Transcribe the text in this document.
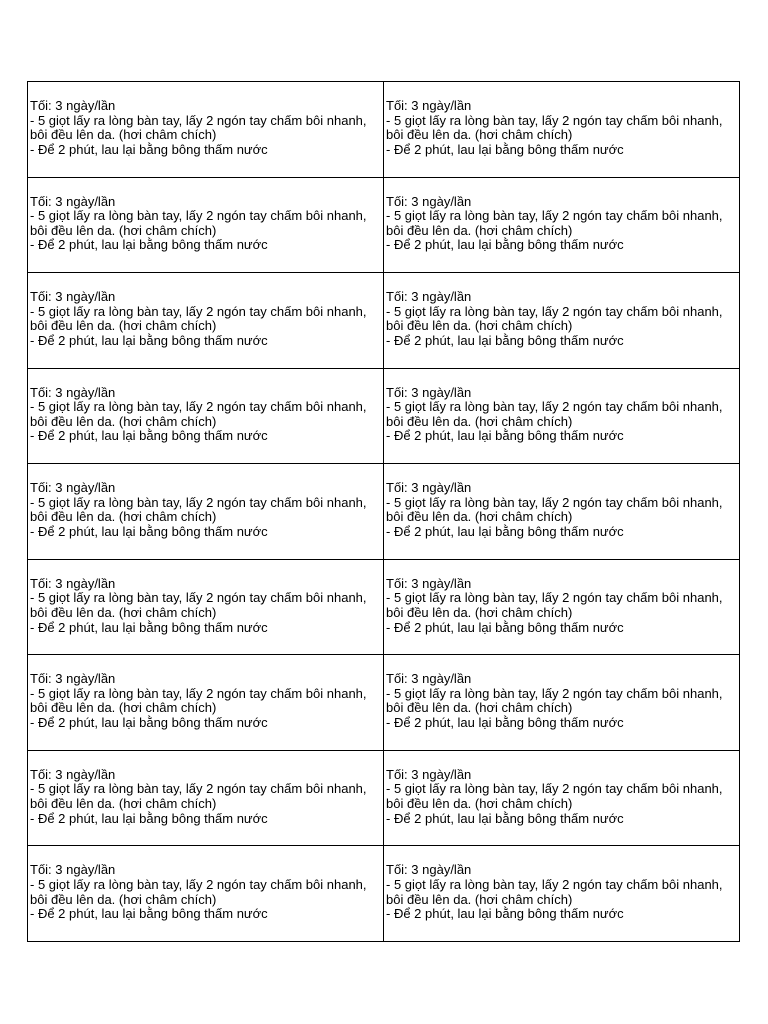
Tối: 3 ngày/lần
- 5 giọt lấy ra lòng bàn tay, lấy 2 ngón tay chấm bôi nhanh, bôi đều lên da. (hơi châm chích)
- Để 2 phút, lau lại bằng bông thấm nước	Tối: 3 ngày/lần
- 5 giọt lấy ra lòng bàn tay, lấy 2 ngón tay chấm bôi nhanh, bôi đều lên da. (hơi châm chích)
- Để 2 phút, lau lại bằng bông thấm nước

Tối: 3 ngày/lần
- 5 giọt lấy ra lòng bàn tay, lấy 2 ngón tay chấm bôi nhanh, bôi đều lên da. (hơi châm chích)
- Để 2 phút, lau lại bằng bông thấm nước	Tối: 3 ngày/lần
- 5 giọt lấy ra lòng bàn tay, lấy 2 ngón tay chấm bôi nhanh, bôi đều lên da. (hơi châm chích)
- Để 2 phút, lau lại bằng bông thấm nước

Tối: 3 ngày/lần
- 5 giọt lấy ra lòng bàn tay, lấy 2 ngón tay chấm bôi nhanh, bôi đều lên da. (hơi châm chích)
- Để 2 phút, lau lại bằng bông thấm nước	Tối: 3 ngày/lần
- 5 giọt lấy ra lòng bàn tay, lấy 2 ngón tay chấm bôi nhanh, bôi đều lên da. (hơi châm chích)
- Để 2 phút, lau lại bằng bông thấm nước

Tối: 3 ngày/lần
- 5 giọt lấy ra lòng bàn tay, lấy 2 ngón tay chấm bôi nhanh, bôi đều lên da. (hơi châm chích)
- Để 2 phút, lau lại bằng bông thấm nước	Tối: 3 ngày/lần
- 5 giọt lấy ra lòng bàn tay, lấy 2 ngón tay chấm bôi nhanh, bôi đều lên da. (hơi châm chích)
- Để 2 phút, lau lại bằng bông thấm nước

Tối: 3 ngày/lần
- 5 giọt lấy ra lòng bàn tay, lấy 2 ngón tay chấm bôi nhanh, bôi đều lên da. (hơi châm chích)
- Để 2 phút, lau lại bằng bông thấm nước	Tối: 3 ngày/lần
- 5 giọt lấy ra lòng bàn tay, lấy 2 ngón tay chấm bôi nhanh, bôi đều lên da. (hơi châm chích)
- Để 2 phút, lau lại bằng bông thấm nước

Tối: 3 ngày/lần
- 5 giọt lấy ra lòng bàn tay, lấy 2 ngón tay chấm bôi nhanh, bôi đều lên da. (hơi châm chích)
- Để 2 phút, lau lại bằng bông thấm nước	Tối: 3 ngày/lần
- 5 giọt lấy ra lòng bàn tay, lấy 2 ngón tay chấm bôi nhanh, bôi đều lên da. (hơi châm chích)
- Để 2 phút, lau lại bằng bông thấm nước

Tối: 3 ngày/lần
- 5 giọt lấy ra lòng bàn tay, lấy 2 ngón tay chấm bôi nhanh, bôi đều lên da. (hơi châm chích)
- Để 2 phút, lau lại bằng bông thấm nước	Tối: 3 ngày/lần
- 5 giọt lấy ra lòng bàn tay, lấy 2 ngón tay chấm bôi nhanh, bôi đều lên da. (hơi châm chích)
- Để 2 phút, lau lại bằng bông thấm nước

Tối: 3 ngày/lần
- 5 giọt lấy ra lòng bàn tay, lấy 2 ngón tay chấm bôi nhanh, bôi đều lên da. (hơi châm chích)
- Để 2 phút, lau lại bằng bông thấm nước	Tối: 3 ngày/lần
- 5 giọt lấy ra lòng bàn tay, lấy 2 ngón tay chấm bôi nhanh, bôi đều lên da. (hơi châm chích)
- Để 2 phút, lau lại bằng bông thấm nước

Tối: 3 ngày/lần
- 5 giọt lấy ra lòng bàn tay, lấy 2 ngón tay chấm bôi nhanh, bôi đều lên da. (hơi châm chích)
- Để 2 phút, lau lại bằng bông thấm nước	Tối: 3 ngày/lần
- 5 giọt lấy ra lòng bàn tay, lấy 2 ngón tay chấm bôi nhanh, bôi đều lên da. (hơi châm chích)
- Để 2 phút, lau lại bằng bông thấm nước
